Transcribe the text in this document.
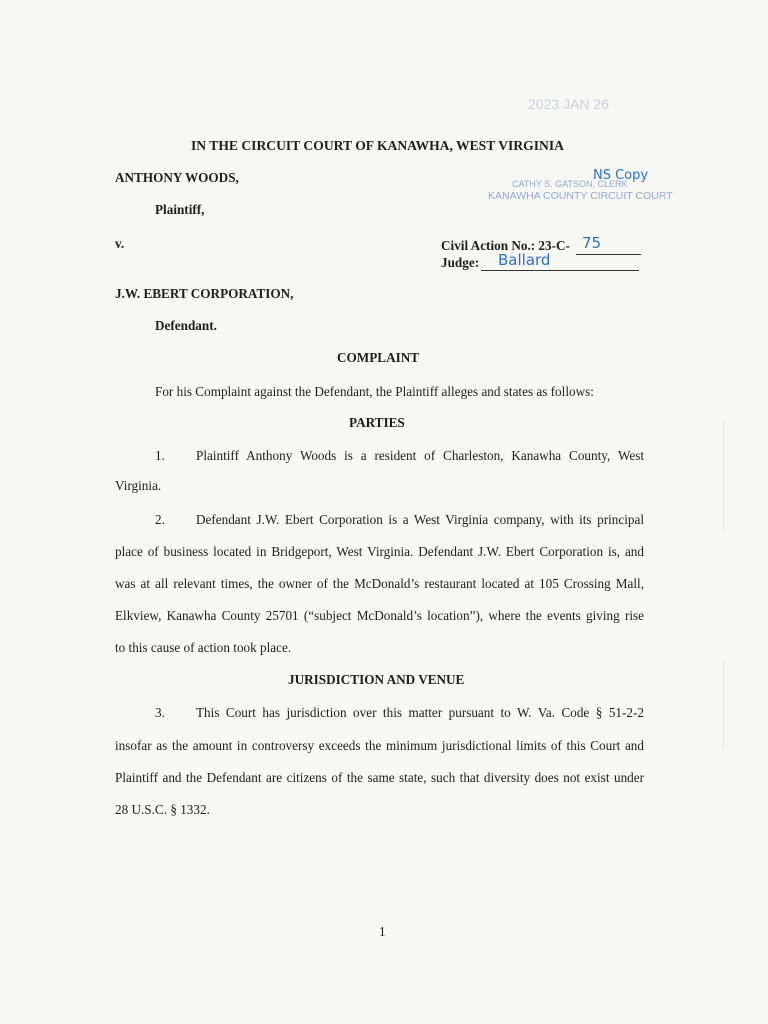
2023 JAN 26
CATHY S. GATSON, CLERK
KANAWHA COUNTY CIRCUIT COURT
NS Copy
IN THE CIRCUIT COURT OF KANAWHA, WEST VIRGINIA
ANTHONY WOODS,
Plaintiff,
v.	Civil Action No.: 23-C- 75
Judge: Ballard
J.W. EBERT CORPORATION,
Defendant.
COMPLAINT
For his Complaint against the Defendant, the Plaintiff alleges and states as follows:
PARTIES
1. Plaintiff Anthony Woods is a resident of Charleston, Kanawha County, West
Virginia.
2. Defendant J.W. Ebert Corporation is a West Virginia company, with its principal
place of business located in Bridgeport, West Virginia. Defendant J.W. Ebert Corporation is, and
was at all relevant times, the owner of the McDonald’s restaurant located at 105 Crossing Mall,
Elkview, Kanawha County 25701 (“subject McDonald’s location”), where the events giving rise
to this cause of action took place.
JURISDICTION AND VENUE
3. This Court has jurisdiction over this matter pursuant to W. Va. Code § 51-2-2
insofar as the amount in controversy exceeds the minimum jurisdictional limits of this Court and
Plaintiff and the Defendant are citizens of the same state, such that diversity does not exist under
28 U.S.C. § 1332.
1
